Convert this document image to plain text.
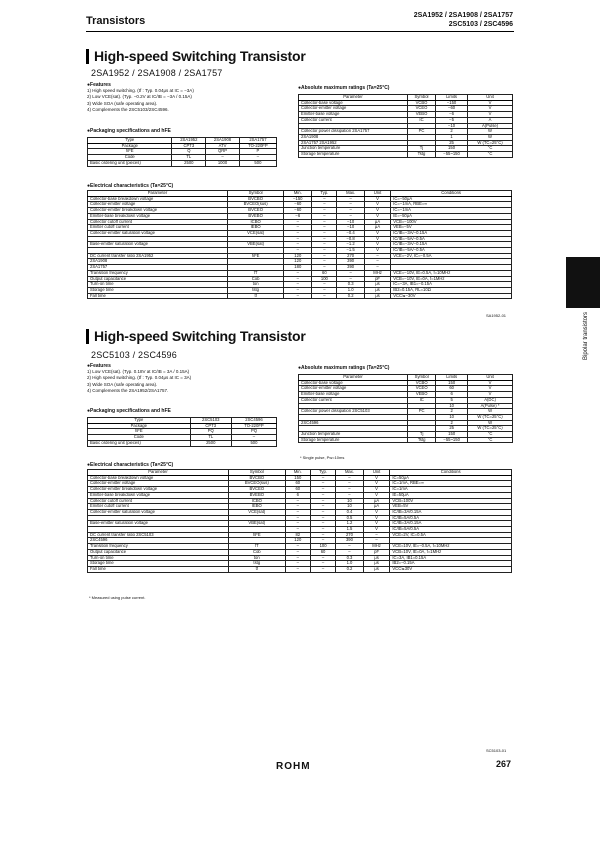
Transistors	2SA1952 / 2SA1908 / 2SA1757
2SC5103 / 2SC4596
High-speed Switching Transistor
2SA1952 / 2SA1908 / 2SA1757
●Features
1) High speed switching. (tf : Typ. 0.04μs at IC = −3A)
2) Low VCE(sat). (Typ. −0.2V at IC/IB = −3A / 0.15A)
3) Wide SOA (safe operating area).
4) Complements the 2SC5103/2SC4596.
●Packaging specifications and hFE
Type	2SA1952	2SA1908	2SA1757
Package	CPT3	ATV	TO-220FP
hFE	Q	QRP	P
Code	TL	–	–
Basic ordering unit (pieces)	2500	1000	500
●Absolute maximum ratings (Ta=25°C)
Parameter	Symbol	Limits	Unit
Collector-base voltage	VCBO	−150	V
Collector-emitter voltage	VCEO	−60	V
Emitter-base voltage	VEBO	−6	V
Collector current	IC	−5	A
		−10	A(Pulse)
Collector power dissipation 2SA1757	PC	2	W
2SA1908		1	W
2SA1757 2SA1952		25	W (TC=25°C)
Junction temperature	Tj	150	°C
Storage temperature	Tstg	−55~150	°C
●Electrical characteristics (Ta=25°C)
Parameter	Symbol	Min.	Typ.	Max.	Unit	Conditions
Collector-base breakdown voltage	BVCBO	−150	–	–	V	IC=−50μA
Collector-emitter voltage	BVCEO(sus)	−60	–	–	V	IC=−1mA, RBE=∞
Collector-emitter breakdown voltage	BVCEO	−60	–	–	V	IC=−1mA
Emitter-base breakdown voltage	BVEBO	−6	–	–	V	IE=−50μA
Collector cutoff current	ICBO	–	–	−10	μA	VCB=−100V
Emitter cutoff current	IEBO	–	–	−10	μA	VEB=−5V
Collector-emitter saturation voltage	VCE(sat)	–	–	−0.4	V	IC/IB=−3A/−0.15A
		–	–	−0.8	V	IC/IB=−5A/−0.5A
Base-emitter saturation voltage	VBE(sat)	–	–	−1.2	V	IC/IB=−3A/−0.15A
		–	–	−1.5	V	IC/IB=−5A/−0.5A
DC current transfer ratio 2SA1952	hFE	120	–	270	–	VCE=−2V, IC=−0.5A
2SA1908		120	–	390	–	
2SA1757		180	–	390	–	
Transition frequency	fT	–	60	–	MHz	VCE=−10V, IE=0.5A, f=10MHz
Output capacitance	Cob	–	100	–	pF	VCB=−10V, IE=0A, f=1MHz
Turn-on time	ton	–	–	0.3	μs	IC=−3A, IB1=−0.15A
Storage time	tstg	–	–	1.0	μs	IB2=0.15A, RL=10Ω
Fall time	tf	–	–	0.2	μs	VCC≒−30V
SA1952-01
High-speed Switching Transistor
2SC5103 / 2SC4596
●Features
1) Low VCE(sat). (Typ. 0.18V at IC/IB = 3A / 0.15A)
2) High speed switching. (tf : Typ. 0.04μs at IC = 3A)
3) Wide SOA (safe operating area).
4) Complements the 2SA1952/2SA1757.
●Packaging specifications and hFE
Type	2SC5103	2SC4596
Package	CPT3	TO-220FP
hFE	PQ	PQ
Code	TL	–
Basic ordering unit (pieces)	2500	500
●Absolute maximum ratings (Ta=25°C)
Parameter	Symbol	Limits	Unit
Collector-base voltage	VCBO	150	V
Collector-emitter voltage	VCEO	60	V
Emitter-base voltage	VEBO	6	V
Collector current	IC	5	A(DC)
		10	A(Pulse) *
Collector power dissipation 2SC5103	PC	2	W
		10	W (TC=25°C)
2SC4596		2	W
		25	W (TC=25°C)
Junction temperature	Tj	150	°C
Storage temperature	Tstg	−55~150	°C
* Single pulse, Pw=10ms
●Electrical characteristics (Ta=25°C)
Parameter	Symbol	Min.	Typ.	Max.	Unit	Conditions
Collector-base breakdown voltage	BVCBO	150	–	–	V	IC=50μA
Collector-emitter voltage	BVCEO(sus)	60	–	–	V	IC=1mA, RBE=∞
Collector-emitter breakdown voltage	BVCEO	60	–	–	V	IC=1mA
Emitter-base breakdown voltage	BVEBO	6	–	–	V	IE=50μA
Collector cutoff current	ICBO	–	–	10	μA	VCB=100V
Emitter cutoff current	IEBO	–	–	10	μA	VEB=5V
Collector-emitter saturation voltage	VCE(sat)	–	–	0.4	V	IC/IB=3A/0.15A
		–	–	0.5	V	IC/IB=5A/0.5A
Base-emitter saturation voltage	VBE(sat)	–	–	1.2	V	IC/IB=3A/0.15A
		–	–	1.5	V	IC/IB=5A/0.5A
DC current transfer ratio 2SC5103	hFE	82	–	270	–	VCE=2V, IC=0.5A
2SC4596		120	–	390	–	
Transition frequency	fT	–	100	–	MHz	VCE=10V, IE=−0.5A, f=10MHz
Output capacitance	Cob	–	60	–	pF	VCB=10V, IE=0A, f=1MHz
Turn-on time	ton	–	–	0.3	μs	IC=3A, IB1=0.15A
Storage time	tstg	–	–	1.0	μs	IB2=−0.15A
Fall time	tf	–	–	0.2	μs	VCC≒30V
* Measured using pulse current.
SC5103-01
Bipolar transistors
ROHM	267
